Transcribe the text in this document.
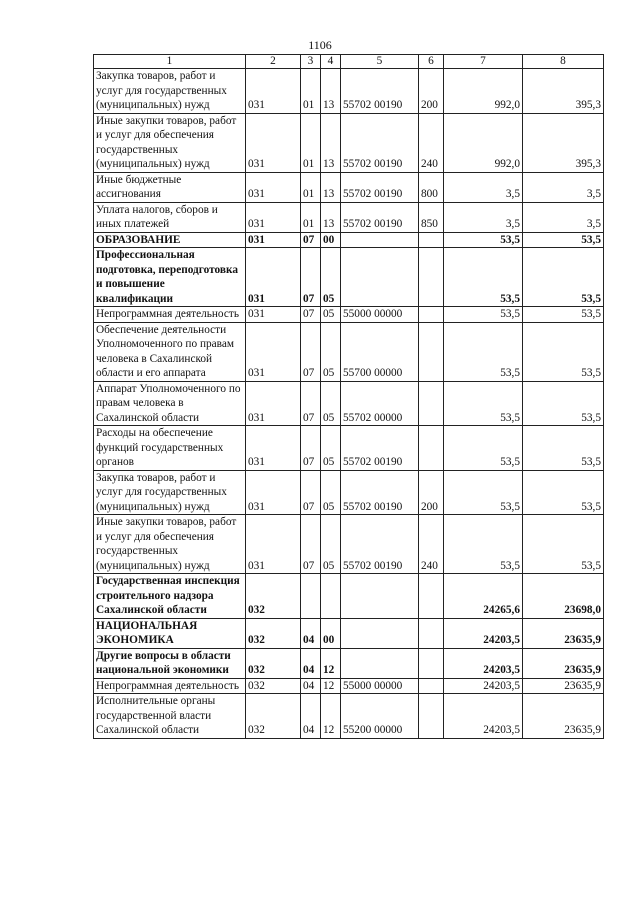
1106
1	2	3	4	5	6	7	8
Закупка товаров, работ и услуг для государственных (муниципальных) нужд	031	01	13	55702 00190	200	992,0	395,3
Иные закупки товаров, работ и услуг для обеспечения государственных (муниципальных) нужд	031	01	13	55702 00190	240	992,0	395,3
Иные бюджетные ассигнования	031	01	13	55702 00190	800	3,5	3,5
Уплата налогов, сборов и иных платежей	031	01	13	55702 00190	850	3,5	3,5
ОБРАЗОВАНИЕ	031	07	00			53,5	53,5
Профессиональная подготовка, переподготовка и повышение квалификации	031	07	05			53,5	53,5
Непрограммная деятельность	031	07	05	55000 00000		53,5	53,5
Обеспечение деятельности Уполномоченного по правам человека в Сахалинской области и его аппарата	031	07	05	55700 00000		53,5	53,5
Аппарат Уполномоченного по правам человека в Сахалинской области	031	07	05	55702 00000		53,5	53,5
Расходы на обеспечение функций государственных органов	031	07	05	55702 00190		53,5	53,5
Закупка товаров, работ и услуг для государственных (муниципальных) нужд	031	07	05	55702 00190	200	53,5	53,5
Иные закупки товаров, работ и услуг для обеспечения государственных (муниципальных) нужд	031	07	05	55702 00190	240	53,5	53,5
Государственная инспекция строительного надзора Сахалинской области	032					24265,6	23698,0
НАЦИОНАЛЬНАЯ ЭКОНОМИКА	032	04	00			24203,5	23635,9
Другие вопросы в области национальной экономики	032	04	12			24203,5	23635,9
Непрограммная деятельность	032	04	12	55000 00000		24203,5	23635,9
Исполнительные органы государственной власти Сахалинской области	032	04	12	55200 00000		24203,5	23635,9
